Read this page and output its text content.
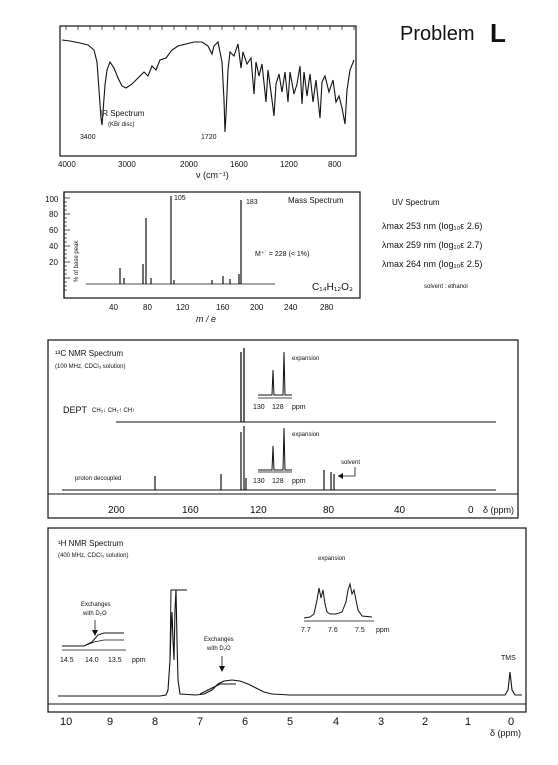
Problem L
IR Spectrum
(KBr disc)
3400	1720
4000	3000	2000	1600	1200	800
ν (cm⁻¹)
100
80
60
40
20	% of base peak
105
183	Mass Spectrum
M⁺˙ = 228 (< 1%)
C₁₄H₁₂O₃
40	80	120	160	200	240	280
m / e
UV Spectrum
λmax 253 nm (log₁₀ε 2.6)
λmax 259 nm (log₁₀ε 2.7)
λmax 264 nm (log₁₀ε 2.5)
solvent : ethanol
¹³C NMR Spectrum
(100 MHz, CDCl₃ solution)
DEPT CH₃↓ CH₂↑ CH↑	130 128 ppm
expansion
proton decoupled	130 128 ppm
expansion
solvent
200	160	120	80	40	0 δ (ppm)
¹H NMR Spectrum
(400 MHz, CDCl₃ solution)
Exchanges with D₂O
Exchanges with D₂O
14.5 14.0 13.5 ppm
expansion
7.7 7.6 7.5 ppm
TMS
10	9	8	7	6	5	4	3	2	1	0
δ (ppm)
